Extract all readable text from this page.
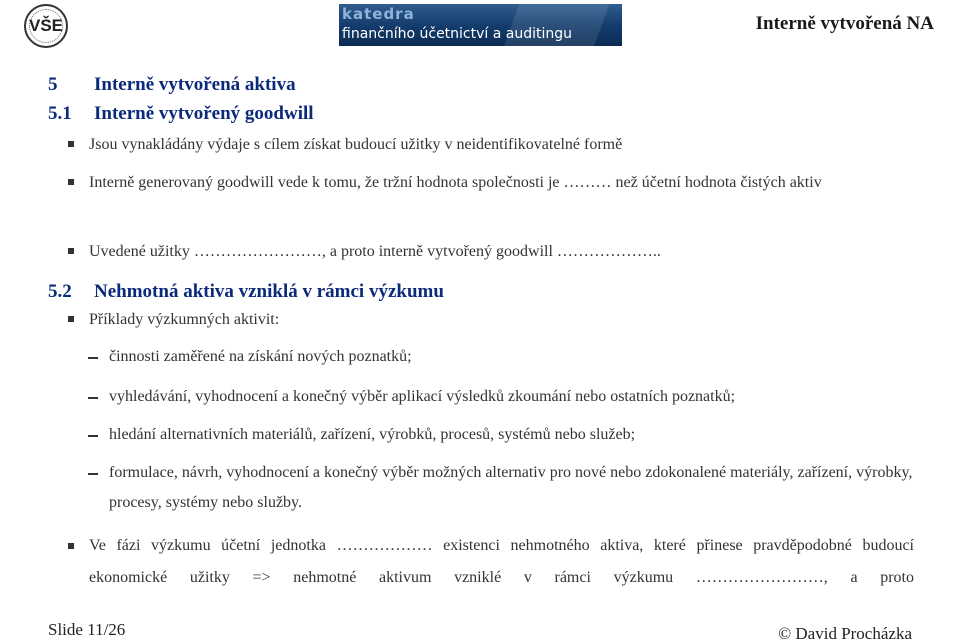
VŠE
katedra
finančního účetnictví a auditingu	Interně vytvořená NA
5 Interně vytvořená aktiva
5.1 Interně vytvořený goodwill
Jsou vynakládány výdaje s cílem získat budoucí užitky v neidentifikovatelné formě
Interně generovaný goodwill vede k tomu, že tržní hodnota společnosti je ……… než účetní hodnota čistých aktiv
Uvedené užitky ……………………, a proto interně vytvořený goodwill ………………..
5.2 Nehmotná aktiva vzniklá v rámci výzkumu
Příklady výzkumných aktivit:
činnosti zaměřené na získání nových poznatků;
vyhledávání, vyhodnocení a konečný výběr aplikací výsledků zkoumání nebo ostatních poznatků;
hledání alternativních materiálů, zařízení, výrobků, procesů, systémů nebo služeb;
formulace, návrh, vyhodnocení a konečný výběr možných alternativ pro nové nebo zdokonalené materiály, zařízení, výrobky, procesy, systémy nebo služby.
Ve fázi výzkumu účetní jednotka ……………… existenci nehmotného aktiva, které přinese pravděpodobné budoucí ekonomické užitky => nehmotné aktivum vzniklé v rámci výzkumu ……………………, a proto
Slide 11/26	© David Procházka
